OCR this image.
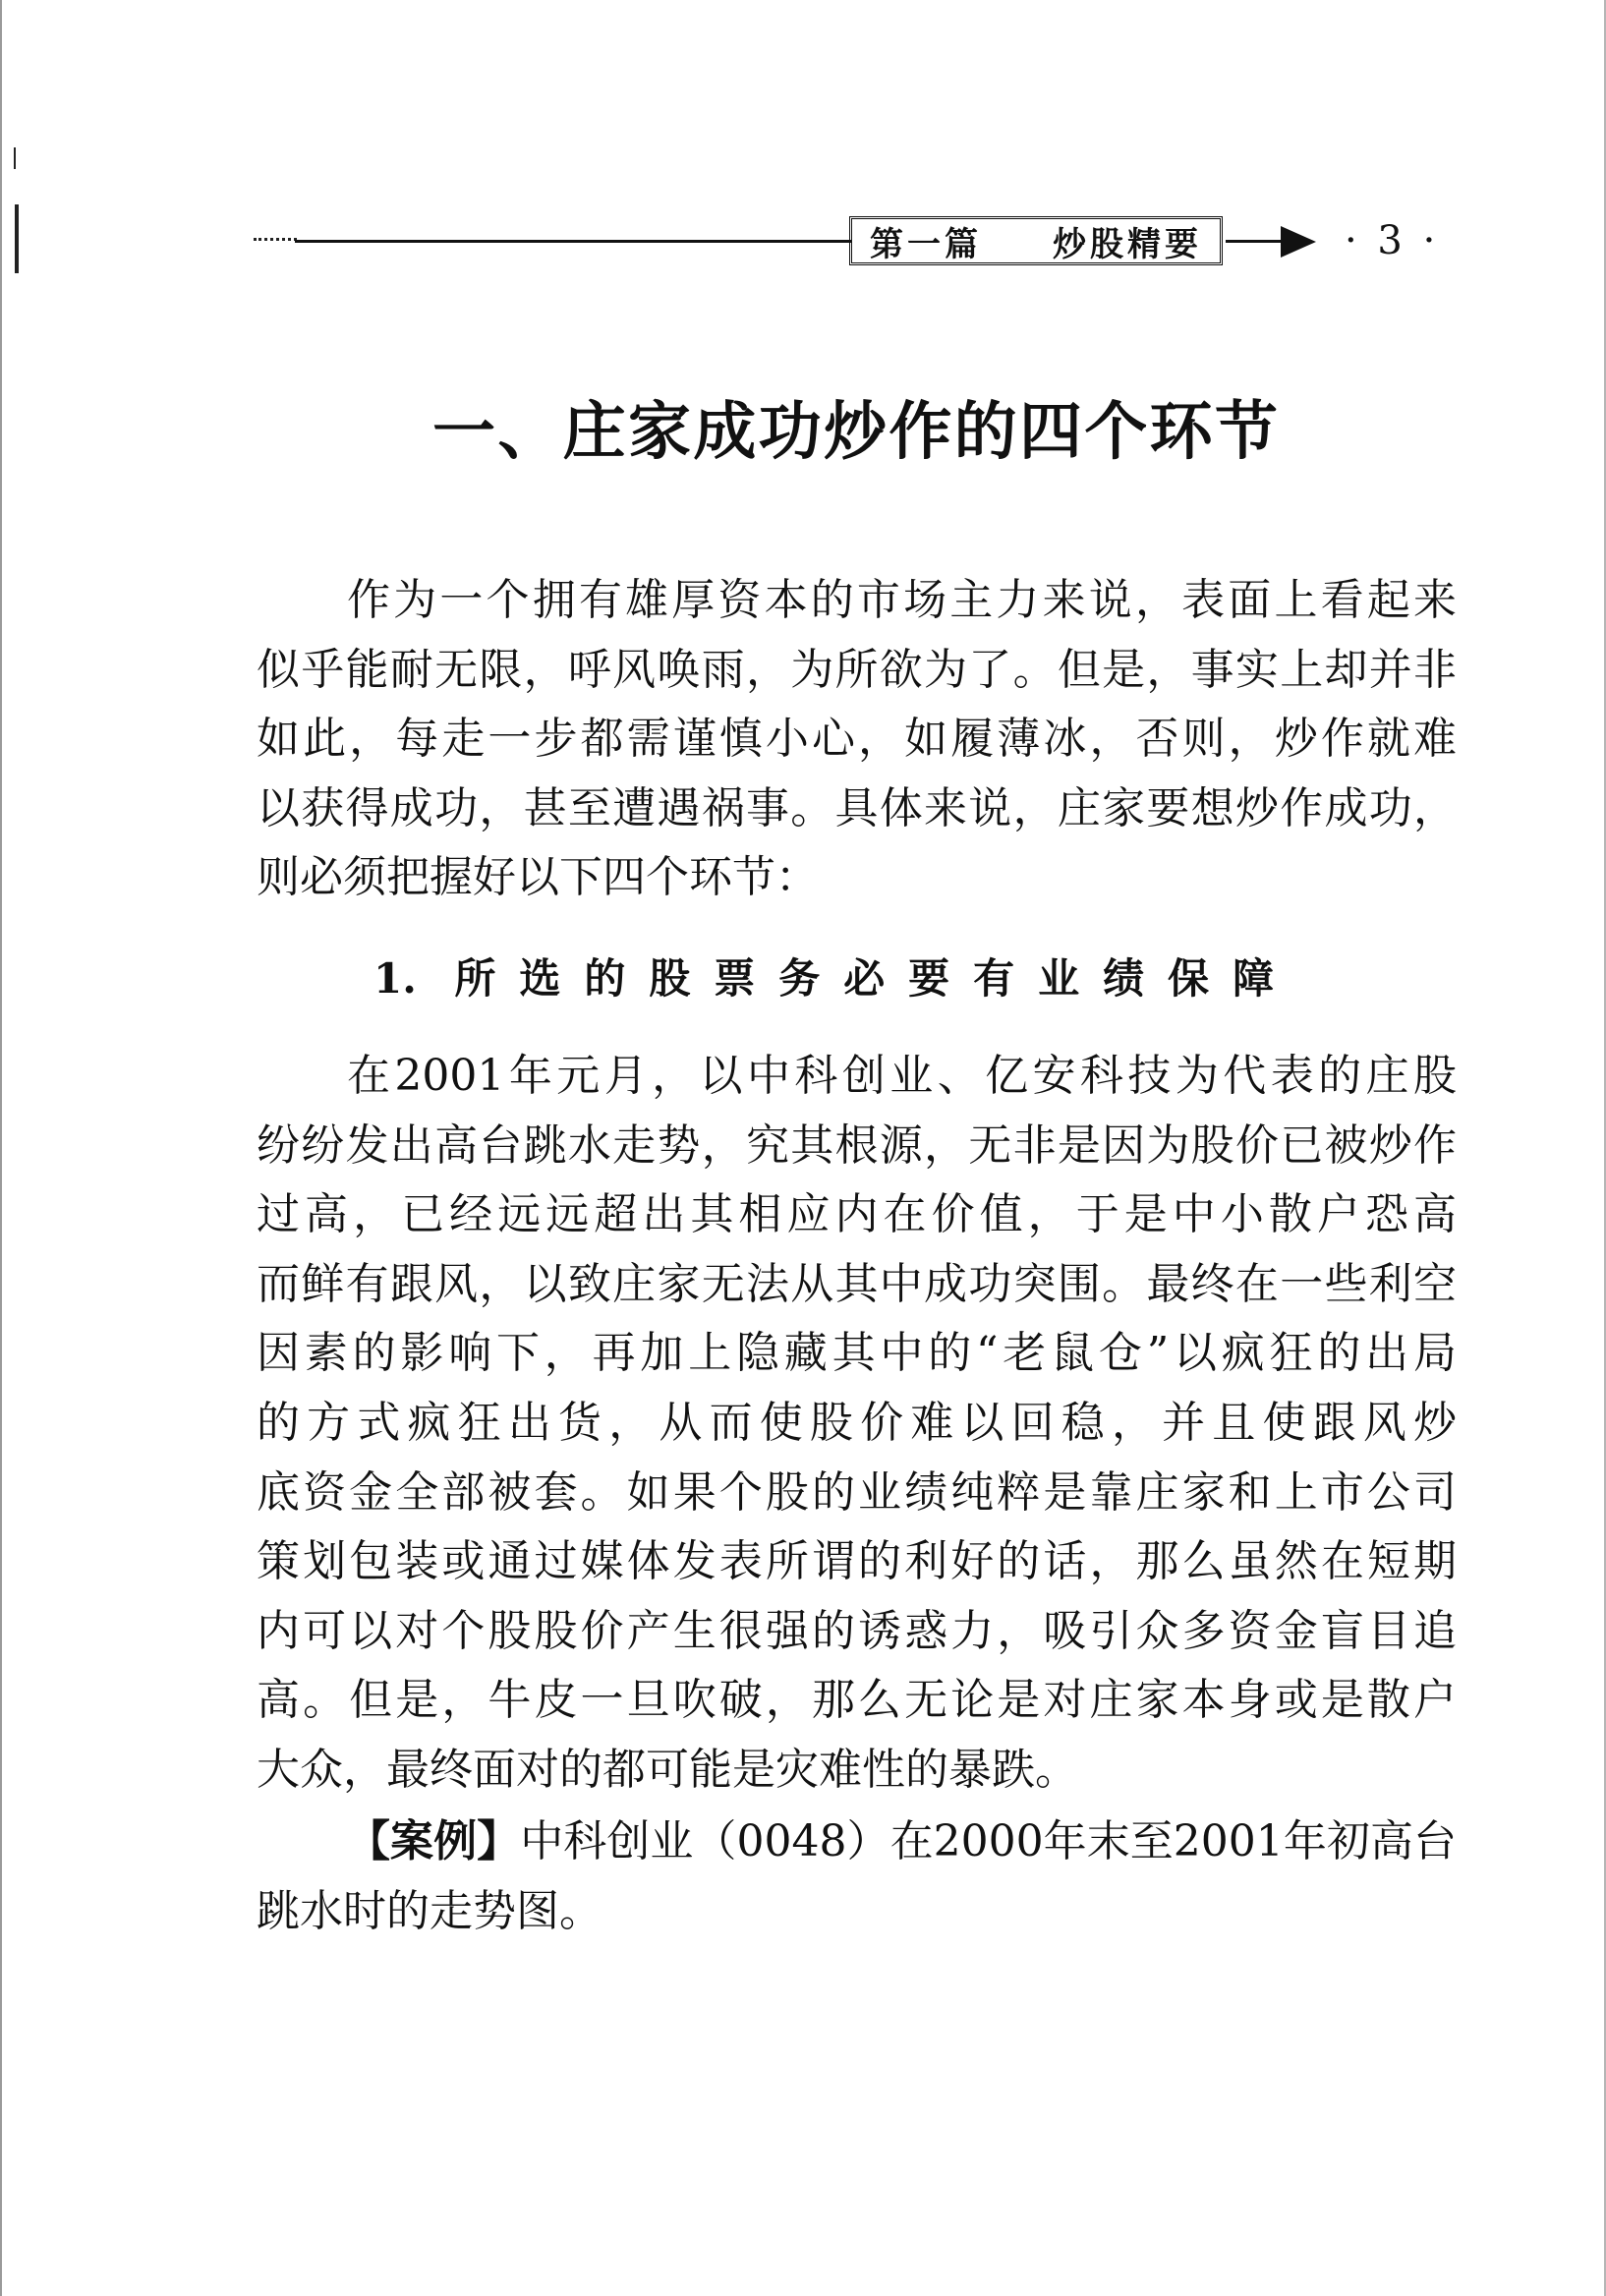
第一篇 炒股精要	· 3 ·
一、庄家成功炒作的四个环节
作为一个拥有雄厚资本的市场主力来说，表面上看起来
似乎能耐无限，呼风唤雨，为所欲为了。但是，事实上却并非
如此，每走一步都需谨慎小心，如履薄冰，否则，炒作就难
以获得成功，甚至遭遇祸事。具体来说，庄家要想炒作成功，
则必须把握好以下四个环节：
1. 所选的股票务必要有业绩保障
在2001年元月，以中科创业、亿安科技为代表的庄股
纷纷发出高台跳水走势，究其根源，无非是因为股价已被炒作
过高，已经远远超出其相应内在价值，于是中小散户恐高
而鲜有跟风，以致庄家无法从其中成功突围。最终在一些利空
因素的影响下，再加上隐藏其中的“老鼠仓”以疯狂的出局
的方式疯狂出货，从而使股价难以回稳，并且使跟风炒
底资金全部被套。如果个股的业绩纯粹是靠庄家和上市公司
策划包装或通过媒体发表所谓的利好的话，那么虽然在短期
内可以对个股股价产生很强的诱惑力，吸引众多资金盲目追
高。但是，牛皮一旦吹破，那么无论是对庄家本身或是散户
大众，最终面对的都可能是灾难性的暴跌。
【案例】中科创业（0048）在2000年末至2001年初高台
跳水时的走势图。
